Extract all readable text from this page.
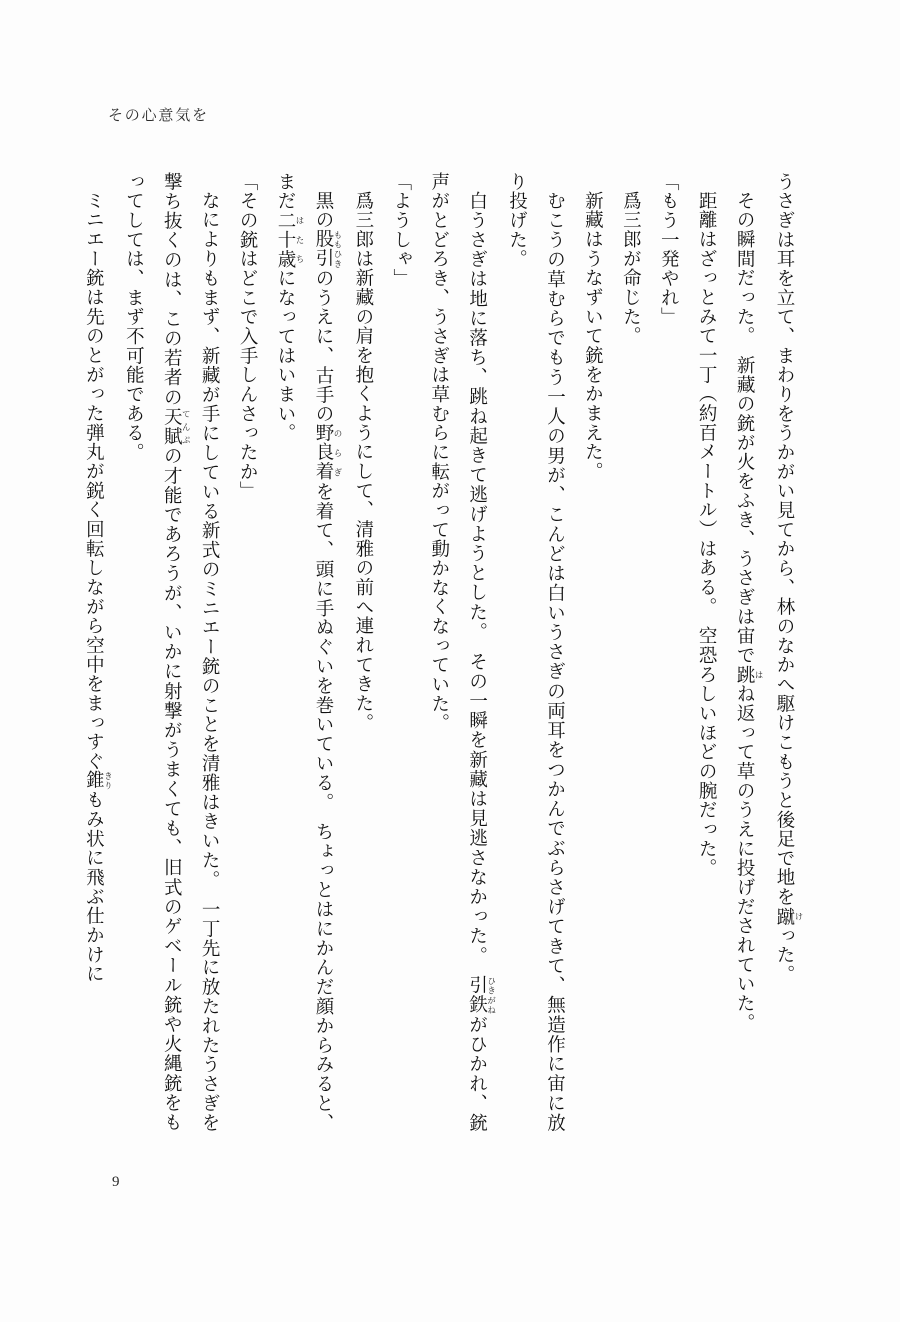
その心意気を

うさぎは耳を立て、まわりをうかがい見てから、林のなかへ駆けこもうと後足で地を蹴 けった。

その瞬間だった。　新藏の銃が火をふき、うさぎは宙で跳 はね返って草のうえに投げだされていた。

距離はざっとみて一丁（約百メートル）はある。　空恐ろしいほどの腕だった。

「もう一発やれ」

爲三郎が命じた。

新藏はうなずいて銃をかまえた。

むこうの草むらでもう一人の男が、こんどは白いうさぎの両耳をつかんでぶらさげてきて、無造作に宙に放り投げた。

白うさぎは地に落ち、跳ね起きて逃げようとした。　その一瞬を新藏は見逃さなかった。　引鉄 ひきがねがひかれ、銃声がとどろき、うさぎは草むらに転がって動かなくなっていた。

「ようしゃ」

爲三郎は新藏の肩を抱くようにして、清雅の前へ連れてきた。

黒の股引 ももひきのうえに、古手の野良着 のらぎを着て、頭に手ぬぐいを巻いている。　ちょっとはにかんだ顔からみると、まだ二十歳 はたちになってはいまい。

「その銃はどこで入手しんさったか」

なによりもまず、新藏が手にしている新式のミニエー銃のことを清雅はきいた。　一丁先に放たれたうさぎを撃ち抜くのは、この若者の天賦 てんぷの才能であろうが、いかに射撃がうまくても、旧式のゲベール銃や火縄銃をもってしては、まず不可能である。

ミニエー銃は先のとがった弾丸が鋭く回転しながら空中をまっすぐ錐 きりもみ状に飛ぶ仕かけに

9
